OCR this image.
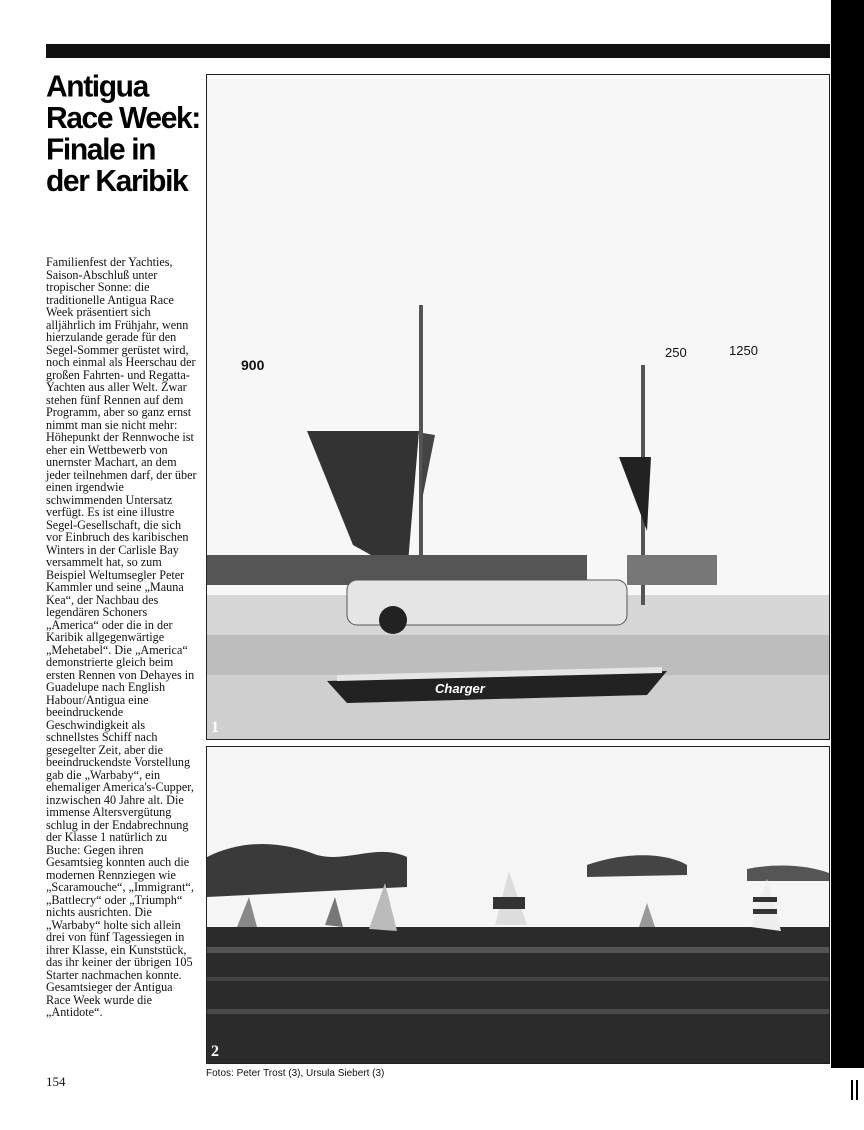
Antigua Race Week: Finale in der Karibik

Familienfest der Yachties, Saison-Abschluß unter tropischer Sonne: die traditionelle Antigua Race Week präsentiert sich alljährlich im Frühjahr, wenn hierzulande gerade für den Segel-Sommer gerüstet wird, noch einmal als Heerschau der großen Fahrten- und Regatta-Yachten aus aller Welt. Zwar stehen fünf Rennen auf dem Programm, aber so ganz ernst nimmt man sie nicht mehr: Höhepunkt der Rennwoche ist eher ein Wettbewerb von unernster Machart, an dem jeder teilnehmen darf, der über einen irgendwie schwimmenden Untersatz verfügt. Es ist eine illustre Segel-Gesellschaft, die sich vor Einbruch des karibischen Winters in der Carlisle Bay versammelt hat, so zum Beispiel Weltumsegler Peter Kammler und seine „Mauna Kea“, der Nachbau des legendären Schoners „America“ oder die in der Karibik allgegenwärtige „Mehetabel“. Die „America“ demonstrierte gleich beim ersten Rennen von Dehayes in Guadelupe nach English Habour/Antigua eine beeindruckende Geschwindigkeit als schnellstes Schiff nach gesegelter Zeit, aber die beeindruckendste Vorstellung gab die „Warbaby“, ein ehemaliger America's-Cupper, inzwischen 40 Jahre alt. Die immense Altersvergütung schlug in der Endabrechnung der Klasse 1 natürlich zu Buche: Gegen ihren Gesamtsieg konnten auch die modernen Rennziegen wie „Scaramouche“, „Immigrant“, „Battlecry“ oder „Triumph“ nichts ausrichten. Die „Warbaby“ holte sich allein drei von fünf Tagessiegen in ihrer Klasse, ein Kunststück, das ihr keiner der übrigen 105 Starter nachmachen konnte. Gesamtsieger der Antigua Race Week wurde die „Antidote“.

154
900
250	1250
Charger
1
2
Fotos: Peter Trost (3), Ursula Siebert (3)
